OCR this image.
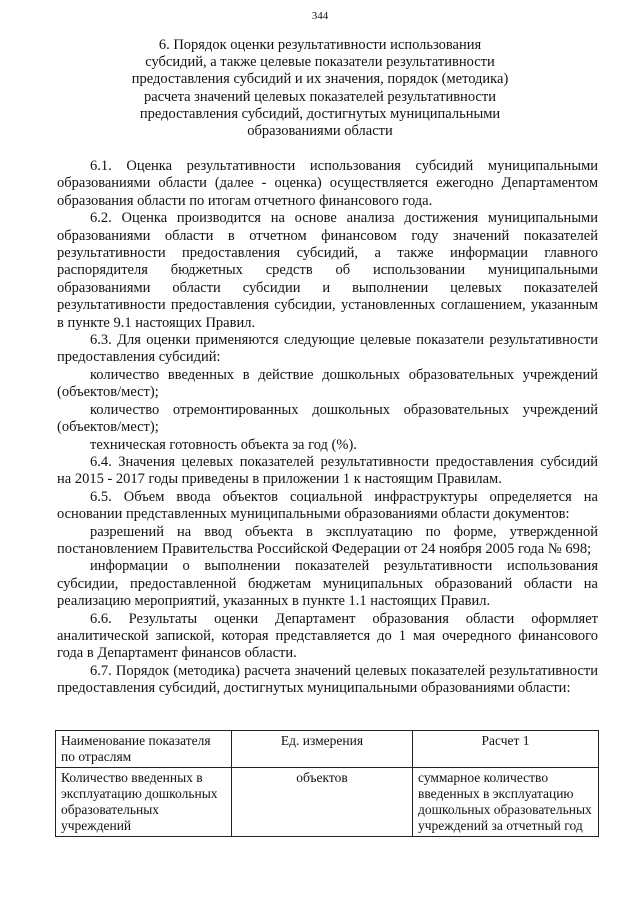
344
6. Порядок оценки результативности использования
субсидий, а также целевые показатели результативности
предоставления субсидий и их значения, порядок (методика)
расчета значений целевых показателей результативности
предоставления субсидий, достигнутых муниципальными
образованиями области

6.1. Оценка результативности использования субсидий муниципальными образованиями области (далее - оценка) осуществляется ежегодно Департаментом образования области по итогам отчетного финансового года.

6.2. Оценка производится на основе анализа достижения муниципальными образованиями области в отчетном финансовом году значений показателей результативности предоставления субсидий, а также информации главного распорядителя бюджетных средств об использовании муниципальными образованиями области субсидии и выполнении целевых показателей результативности предоставления субсидии, установленных соглашением, указанным в пункте 9.1 настоящих Правил.

6.3. Для оценки применяются следующие целевые показатели результативности предоставления субсидий:

количество введенных в действие дошкольных образовательных учреждений (объектов/мест);

количество отремонтированных дошкольных образовательных учреждений (объектов/мест);

техническая готовность объекта за год (%).

6.4. Значения целевых показателей результативности предоставления субсидий на 2015 - 2017 годы приведены в приложении 1 к настоящим Правилам.

6.5. Объем ввода объектов социальной инфраструктуры определяется на основании представленных муниципальными образованиями области документов:

разрешений на ввод объекта в эксплуатацию по форме, утвержденной постановлением Правительства Российской Федерации от 24 ноября 2005 года № 698;

информации о выполнении показателей результативности использования субсидии, предоставленной бюджетам муниципальных образований области на реализацию мероприятий, указанных в пункте 1.1 настоящих Правил.

6.6. Результаты оценки Департамент образования области оформляет аналитической запиской, которая представляется до 1 мая очередного финансового года в Департамент финансов области.

6.7. Порядок (методика) расчета значений целевых показателей результативности предоставления субсидий, достигнутых муниципальными образованиями области:

Наименование показателя по отраслям	Ед. измерения	Расчет 1
Количество введенных в эксплуатацию дошкольных образовательных учреждений	объектов	суммарное количество введенных в эксплуатацию дошкольных образовательных учреждений за отчетный год
